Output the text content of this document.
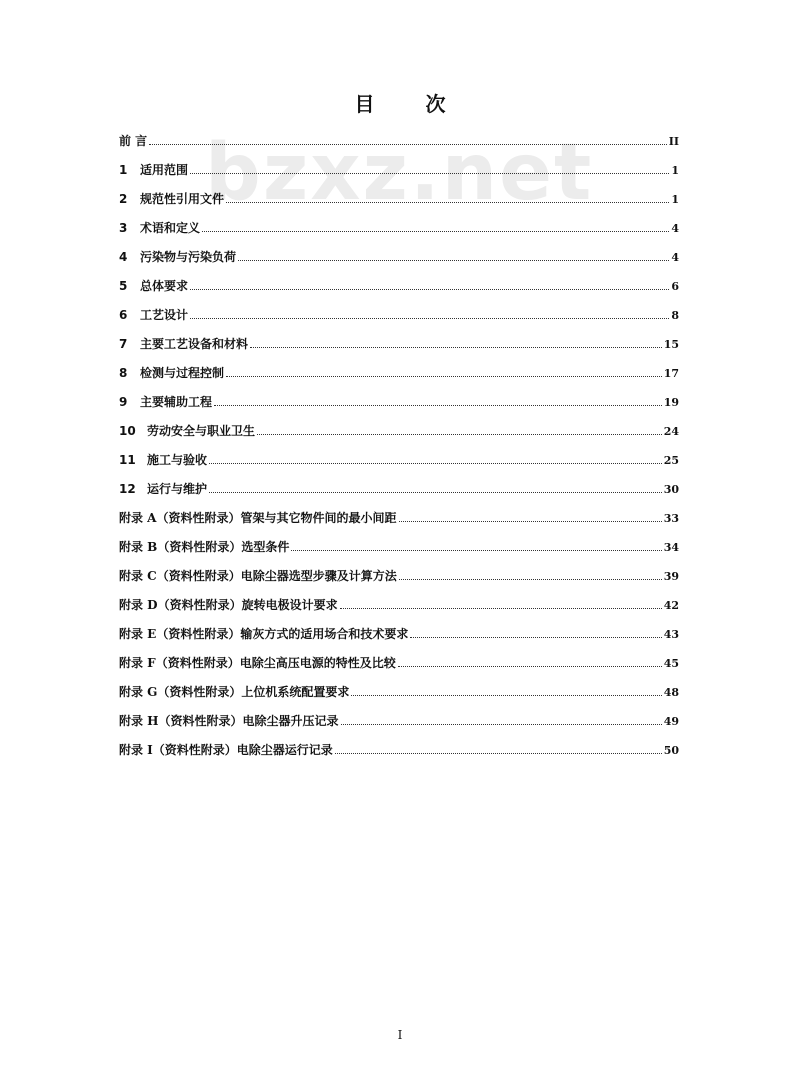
bzxz.net
目 次
前 言	II
1	适用范围	1
2	规范性引用文件	1
3	术语和定义	4
4	污染物与污染负荷	4
5	总体要求	6
6	工艺设计	8
7	主要工艺设备和材料	15
8	检测与过程控制	17
9	主要辅助工程	19
10 劳动安全与职业卫生	24
11 施工与验收	25
12 运行与维护	30
附录 A（资料性附录）管架与其它物件间的最小间距	33
附录 B（资料性附录）选型条件	34
附录 C（资料性附录）电除尘器选型步骤及计算方法	39
附录 D（资料性附录）旋转电极设计要求	42
附录 E（资料性附录）输灰方式的适用场合和技术要求	43
附录 F（资料性附录）电除尘高压电源的特性及比较	45
附录 G（资料性附录）上位机系统配置要求	48
附录 H（资料性附录）电除尘器升压记录	49
附录 I（资料性附录）电除尘器运行记录	50
I
